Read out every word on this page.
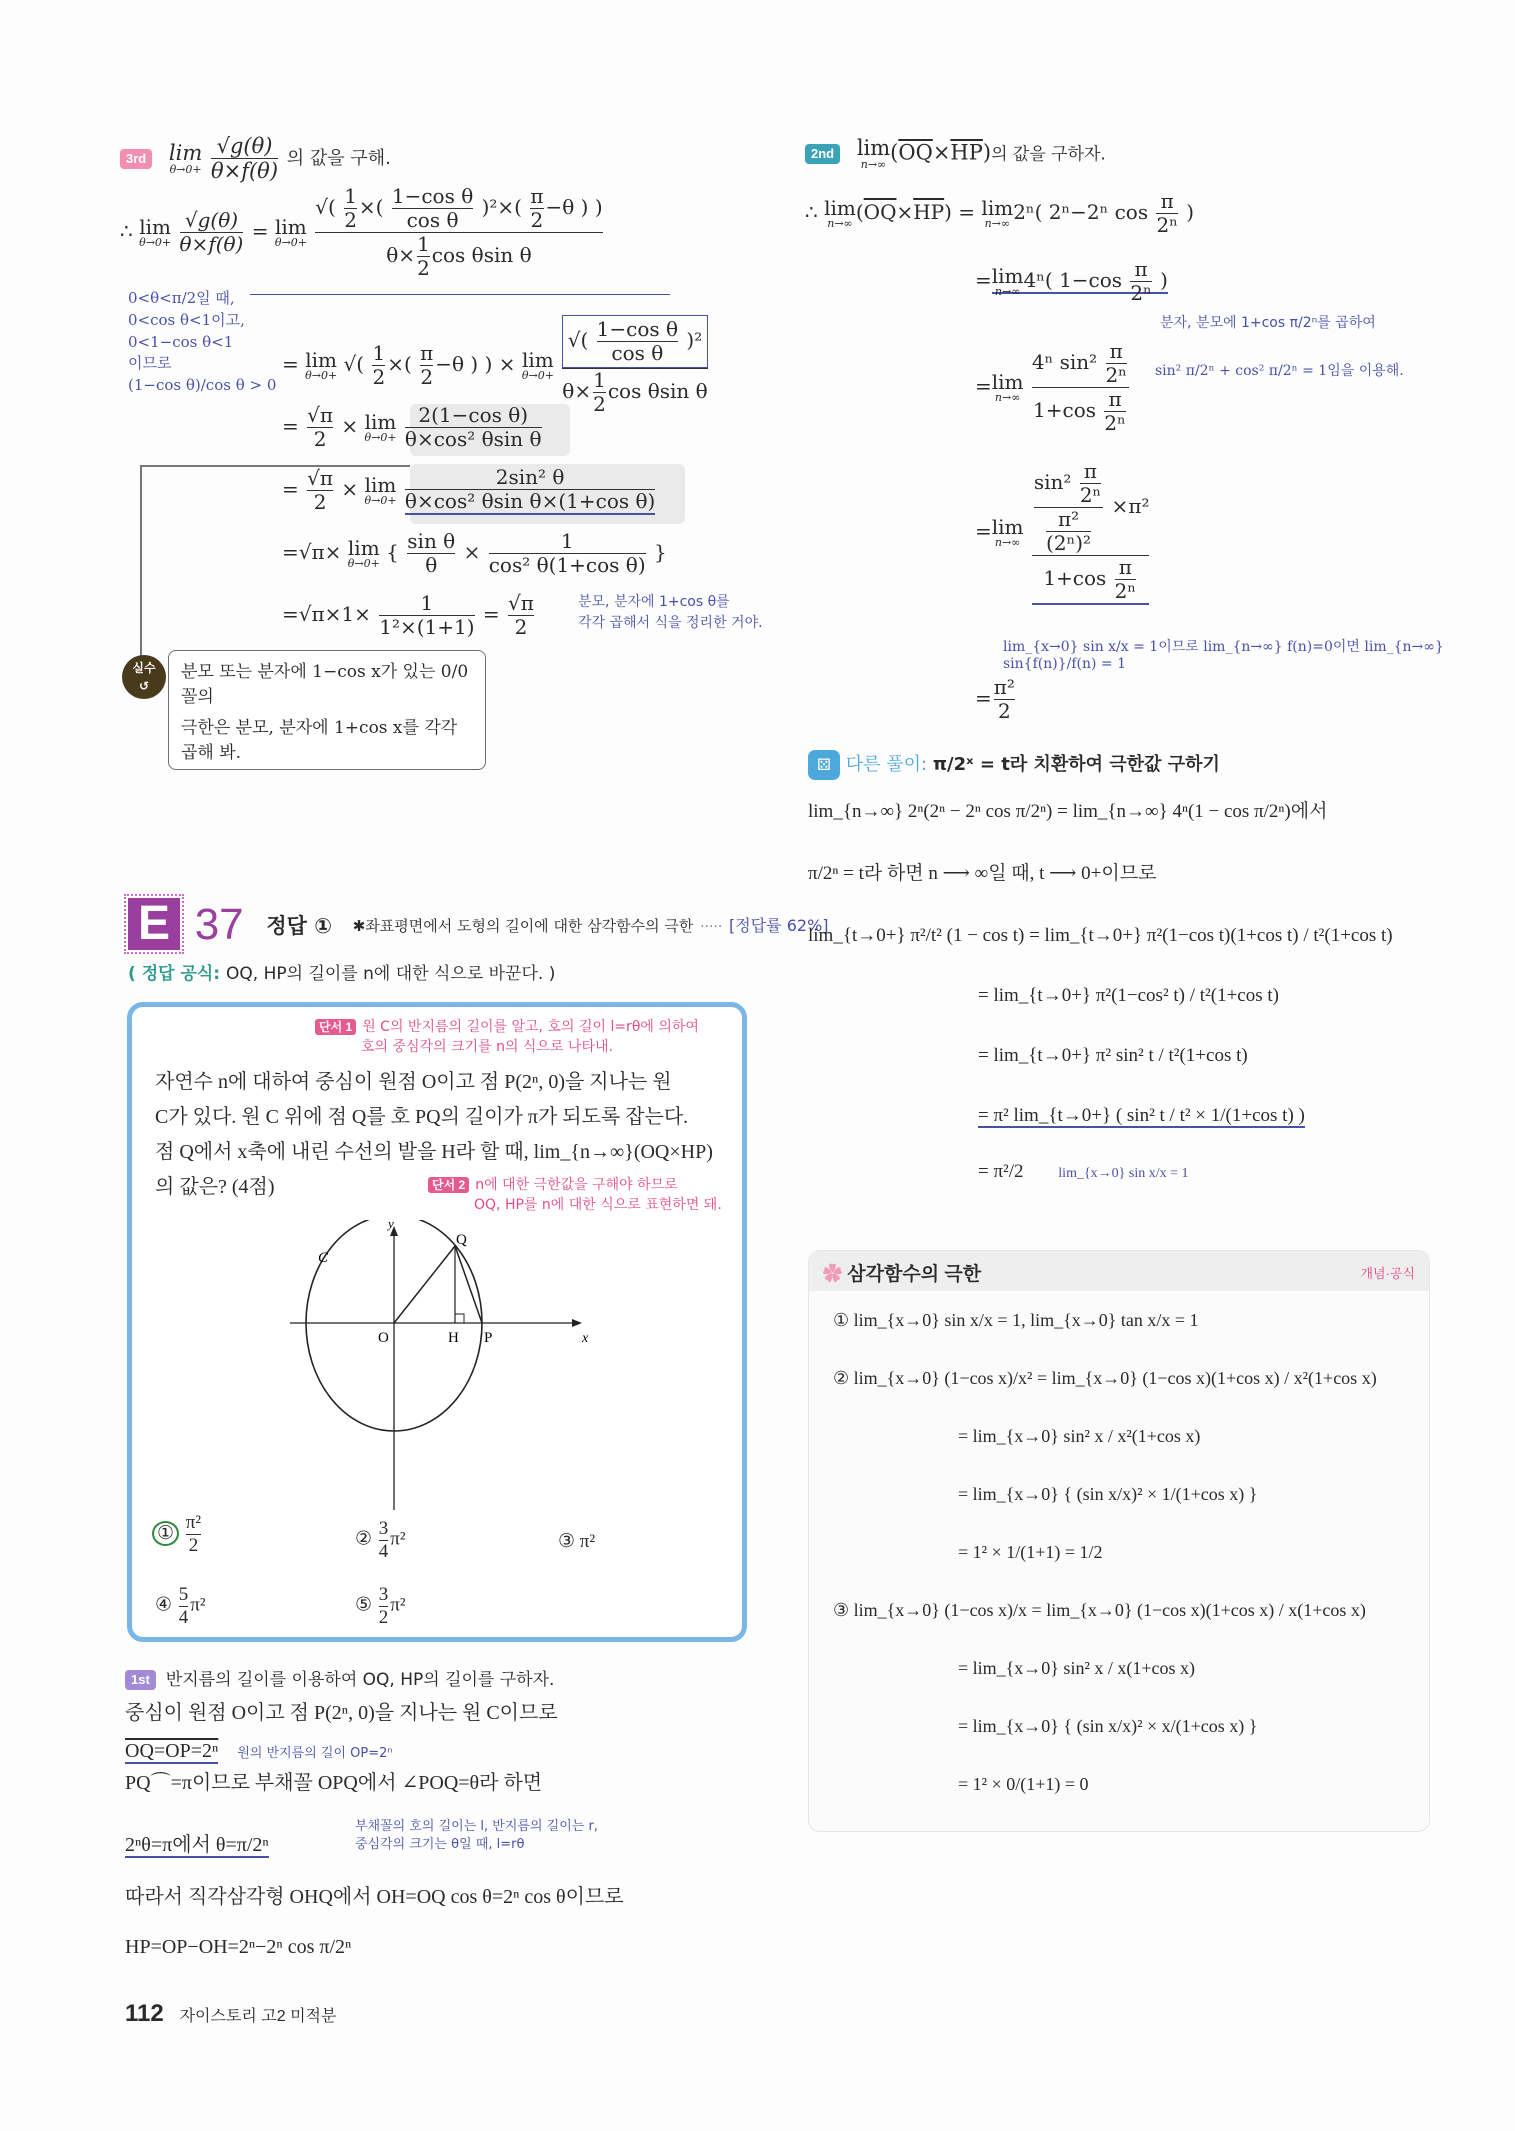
3rd lim
θ→0+
$\frac{√g(\theta)}{\theta\times f(\theta)}$ 의 값을 구해.
∴ lim
θ→0+
$\frac{√g(\theta)}{\theta\times f(\theta)} = \lim$
θ→0+
$\frac{√( \frac{1}{2} \times( \frac{\text{1−cos θ}}{\text{cos θ}} )^2\times( \frac{\pi}{2} -\theta ) )}{\theta\times \frac{1}{2} \cos \theta\sin \theta}$
0<θ<π/2일 때,
0<cos θ<1이고,
0<1−cos θ<1
이므로
(1−cos θ)/cos θ > 0
= lim
θ→0+ √( $\frac{1}{2}$ ×( $\frac{\pi}{2} -\theta$ ) ) × lim
θ→0+
$\frac{√( \frac{\text{1−cos θ}}{\text{cos θ}} )^2}{\theta\times \frac{1}{2} \cos \theta\sin \theta}$
= $\frac{√\pi}{2} \times \lim$
θ→0+
$\frac{\text{2(1−cos θ)}}{\text{θ×cos² θsin θ}}$
= $\frac{√\pi}{2} \times \lim$
θ→0+
$\frac{\text{2sin² θ}}{\text{θ×cos² θsin θ×(1+cos θ)}}$
=√π× lim
θ→0+ { $\frac{\text{sin θ}}{\theta} \times \frac{1}{\text{cos² θ(1+cos θ)}}$ }
$=√\pi\times 1\times \frac{1}{\text{1²×(1+1)}} = \frac{√\pi}{2}$	분모, 분자에 1+cos θ를
각각 곱해서 식을 정리한 거야.
실수
↺
분모 또는 분자에 1−cos x가 있는 0/0 꼴의
극한은 분모, 분자에 1+cos x를 각각 곱해 봐.
E 37 정답 ① $^{✱좌표평면에서 도형의 길이에 대한 삼각함수의 극한}$ ····· [정답률 62%]
( 정답 공식: OQ, HP의 길이를 n에 대한 식으로 바꾼다. )
단서 1 원 C의 반지름의 길이를 알고, 호의 길이 l=rθ에 의하여
호의 중심각의 크기를 n의 식으로 나타내.
자연수 n에 대하여 중심이 원점 O이고 점 P(2ⁿ, 0)을 지나는 원
C가 있다. 원 C 위에 점 Q를 호 PQ의 길이가 π가 되도록 잡는다.
점 Q에서 x축에 내린 수선의 발을 H라 할 때, lim_{n→∞}(OQ×HP)
의 값은? (4점)	단서 2 n에 대한 극한값을 구해야 하므로
OQ, HP를 n에 대한 식으로 표현하면 돼.
y
x
C
Q
O	H P
① $\frac{\text{π²}}{2}$	② $\frac{3}{4} \pi^2$	③ π²
④ $\frac{5}{4} \pi^2$	⑤ $\frac{3}{2} \pi^2$
1st 반지름의 길이를 이용하여 OQ, HP의 길이를 구하자.
중심이 원점 O이고 점 P(2ⁿ, 0)을 지나는 원 C이므로
OQ=OP=2ⁿ 원의 반지름의 길이 OP=2ⁿ
PQ⌒=π이므로 부채꼴 OPQ에서 ∠POQ=θ라 하면
2ⁿθ=π에서 θ=π/2ⁿ
따라서 직각삼각형 OHQ에서 OH=OQ cos θ=2ⁿ cos θ이므로
HP=OP−OH=2ⁿ−2ⁿ cos π/2ⁿ
부채꼴의 호의 길이는 l, 반지름의 길이는 r,
중심각의 크기는 θ일 때, l=rθ
2nd lim
n→∞ $(\overline{OQ}\times\overline{HP})$의 값을 구하자.
∴ lim
n→∞ $(\overline{OQ}\times\overline{HP}) = \lim$
n→∞ 2ⁿ( 2ⁿ−2ⁿ $\cos \frac{\pi}{\text{2ⁿ}}$ )
=lim
n→∞ 4ⁿ( $1-\cos \frac{\pi}{\text{2ⁿ}}$ )
분자, 분모에 1+cos π/2ⁿ를 곱하여
=lim
n→∞
$\frac{4^n \sin^2 \frac{\pi}{\text{2ⁿ}}}{1+\cos \frac{\pi}{\text{2ⁿ}}} \sin^2$ π/2ⁿ + cos² π/2ⁿ = 1임을 이용해.
=lim
n→∞
$\frac{\frac{\sin^2 \frac{\pi}{\text{2ⁿ}}}{\frac{\text{π²}}{\text{(2ⁿ)²}}} \times\pi^2}{1+\cos \frac{\pi}{\text{2ⁿ}}}$
lim_{x→0} sin x/x = 1이므로 lim_{n→∞} f(n)=0이면 lim_{n→∞} sin{f(n)}/f(n) = 1
= $\frac{\text{π²}}{2}$
⚄ 다른 풀이: π/2ˣ = t라 치환하여 극한값 구하기
lim_{n→∞} 2ⁿ(2ⁿ − 2ⁿ cos π/2ⁿ) = lim_{n→∞} 4ⁿ(1 − cos π/2ⁿ)에서
π/2ⁿ = t라 하면 n ⟶ ∞일 때, t ⟶ 0+이므로
lim_{t→0+} π²/t² (1 − cos t) = lim_{t→0+} π²(1−cos t)(1+cos t) / t²(1+cos t)
= lim_{t→0+} π²(1−cos² t) / t²(1+cos t)
= lim_{t→0+} π² sin² t / t²(1+cos t)
= π² lim_{t→0+} ( sin² t / t² × 1/(1+cos t) )
= π²/2 lim_{x→0} sin x/x = 1
✿ 삼각함수의 극한	개념·공식
① lim_{x→0} sin x/x = 1, lim_{x→0} tan x/x = 1
② lim_{x→0} (1−cos x)/x² = lim_{x→0} (1−cos x)(1+cos x) / x²(1+cos x)
= lim_{x→0} sin² x / x²(1+cos x)
= lim_{x→0} { (sin x/x)² × 1/(1+cos x) }
= 1² × 1/(1+1) = 1/2
③ lim_{x→0} (1−cos x)/x = lim_{x→0} (1−cos x)(1+cos x) / x(1+cos x)
= lim_{x→0} sin² x / x(1+cos x)
= lim_{x→0} { (sin x/x)² × x/(1+cos x) }
= 1² × 0/(1+1) = 0
112 자이스토리 고2 미적분
